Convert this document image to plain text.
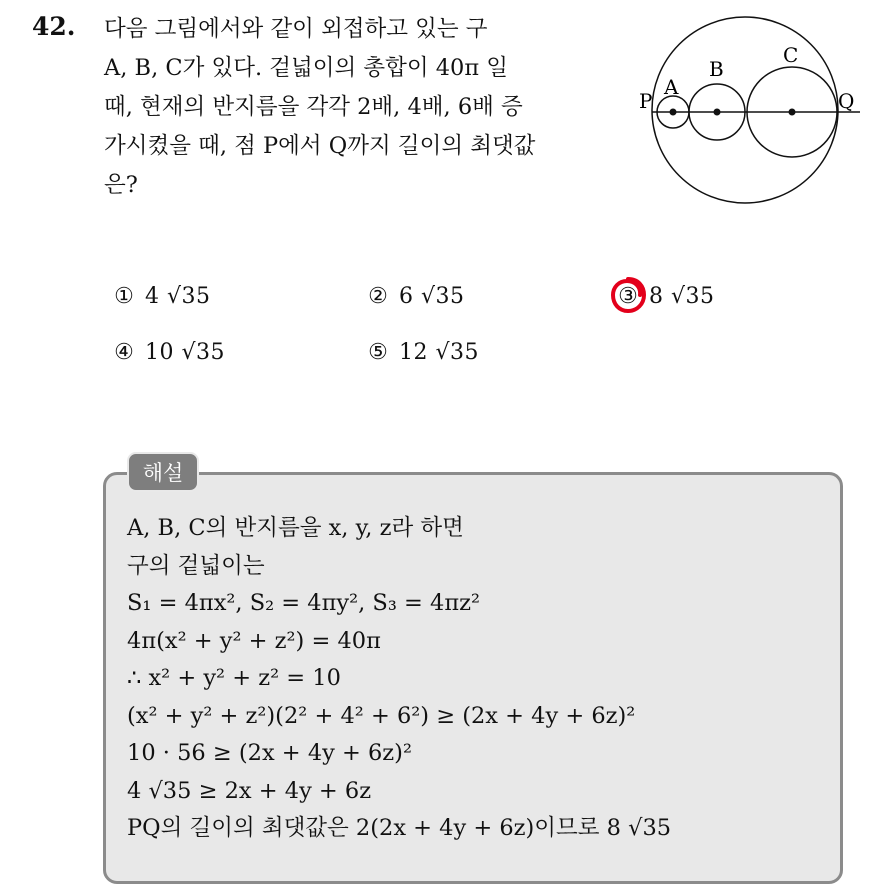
42. 다음 그림에서와 같이 외접하고 있는 구
A, B, C가 있다. 겉넓이의 총합이 40π 일
때, 현재의 반지름을 각각 2배, 4배, 6배 증
가시켰을 때, 점 P에서 Q까지 길이의 최댓값
은?
P
A
B
C
Q
① 4 √35	② 6 √35	③ 8 √35
④ 10 √35	⑤ 12 √35
해설
A, B, C의 반지름을 x, y, z라 하면
구의 겉넓이는
S₁ = 4πx², S₂ = 4πy², S₃ = 4πz²
4π(x² + y² + z²) = 40π
∴ x² + y² + z² = 10
(x² + y² + z²)(2² + 4² + 6²) ≥ (2x + 4y + 6z)²
10 · 56 ≥ (2x + 4y + 6z)²
4 √35 ≥ 2x + 4y + 6z
PQ의 길이의 최댓값은 2(2x + 4y + 6z)이므로 8 √35
